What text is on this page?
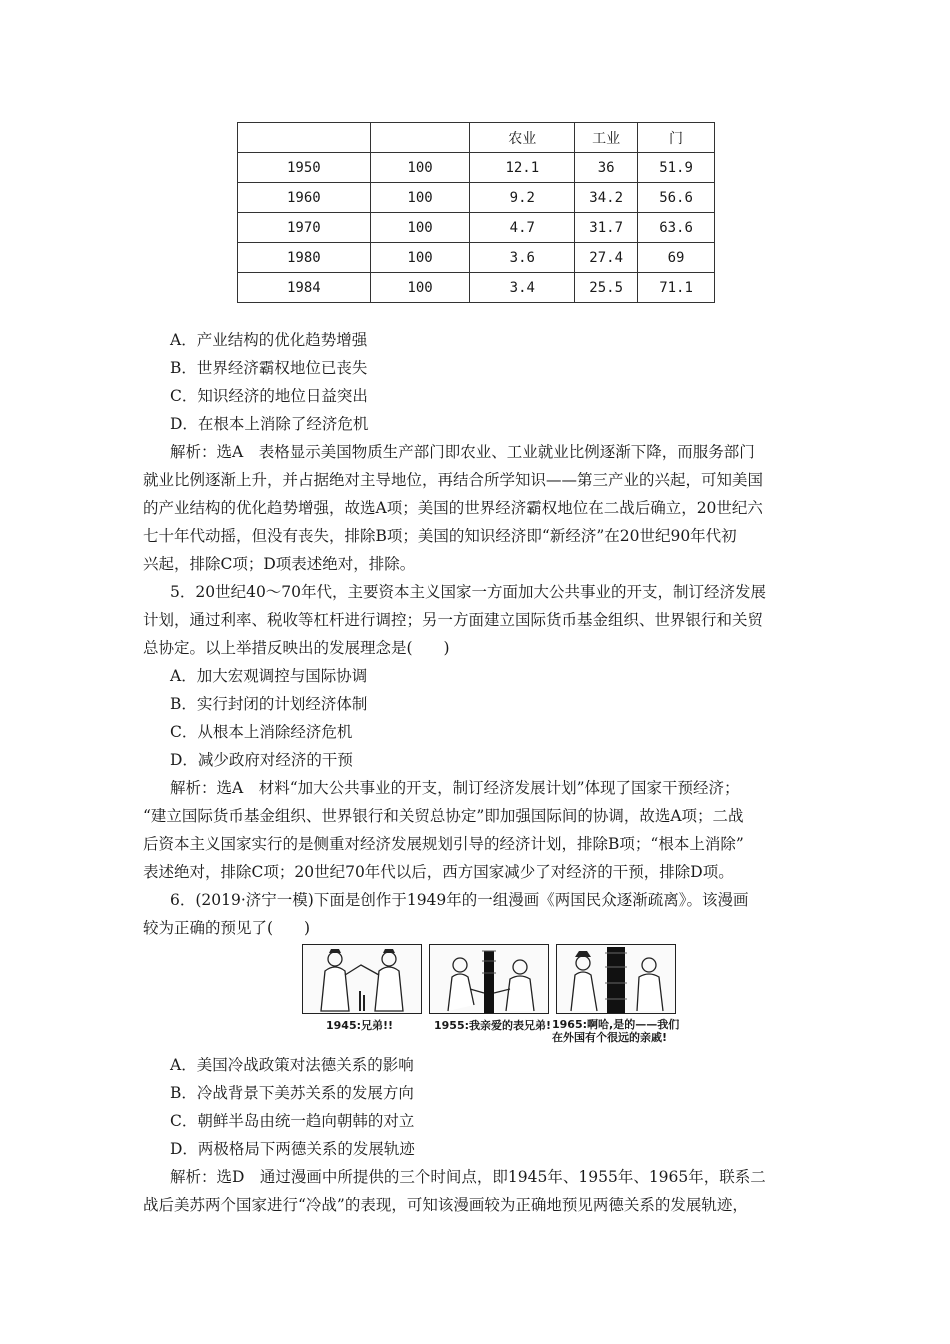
		农业	工业	门
1950	100	12.1	36	51.9
1960	100	9.2	34.2	56.6
1970	100	4.7	31.7	63.6
1980	100	3.6	27.4	69
1984	100	3.4	25.5	71.1
A．产业结构的优化趋势增强
B．世界经济霸权地位已丧失
C．知识经济的地位日益突出
D．在根本上消除了经济危机
解析：选A　表格显示美国物质生产部门即农业、工业就业比例逐渐下降，而服务部门
就业比例逐渐上升，并占据绝对主导地位，再结合所学知识——第三产业的兴起，可知美国
的产业结构的优化趋势增强，故选A项；美国的世界经济霸权地位在二战后确立，20世纪六
七十年代动摇，但没有丧失，排除B项；美国的知识经济即“新经济”在20世纪90年代初
兴起，排除C项；D项表述绝对，排除。
5．20世纪40～70年代，主要资本主义国家一方面加大公共事业的开支，制订经济发展
计划，通过利率、税收等杠杆进行调控；另一方面建立国际货币基金组织、世界银行和关贸
总协定。以上举措反映出的发展理念是(　　)
A．加大宏观调控与国际协调
B．实行封闭的计划经济体制
C．从根本上消除经济危机
D．减少政府对经济的干预
解析：选A　材料“加大公共事业的开支，制订经济发展计划”体现了国家干预经济；
“建立国际货币基金组织、世界银行和关贸总协定”即加强国际间的协调，故选A项；二战
后资本主义国家实行的是侧重对经济发展规划引导的经济计划，排除B项；“根本上消除”
表述绝对，排除C项；20世纪70年代以后，西方国家减少了对经济的干预，排除D项。
6．(2019·济宁一模)下面是创作于1949年的一组漫画《两国民众逐渐疏离》。该漫画
较为正确的预见了(　　)
1945:兄弟!!	1955:我亲爱的表兄弟! 1965:啊哈,是的——我们
在外国有个很远的亲戚!
A．美国冷战政策对法德关系的影响
B．冷战背景下美苏关系的发展方向
C．朝鲜半岛由统一趋向朝韩的对立
D．两极格局下两德关系的发展轨迹
解析：选D　通过漫画中所提供的三个时间点，即1945年、1955年、1965年，联系二
战后美苏两个国家进行“冷战”的表现，可知该漫画较为正确地预见两德关系的发展轨迹，
